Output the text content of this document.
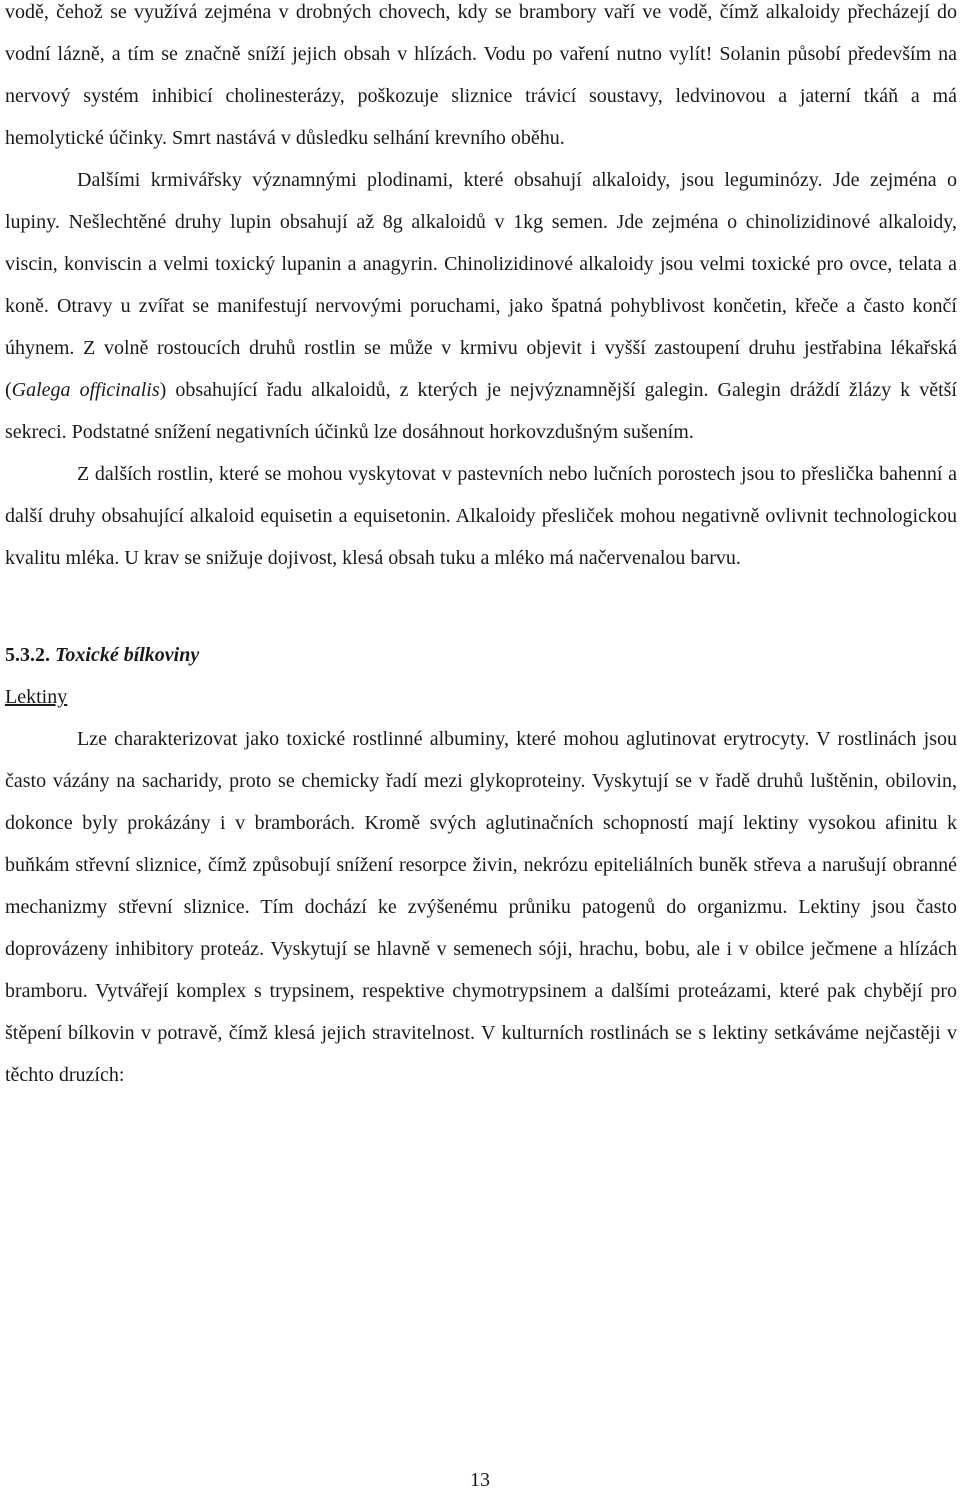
vodě, čehož se využívá zejména v drobných chovech, kdy se brambory vaří ve vodě, čímž alkaloidy přecházejí do vodní lázně, a tím se značně sníží jejich obsah v hlízách. Vodu po vaření nutno vylít! Solanin působí především na nervový systém inhibicí cholinesterázy, poškozuje sliznice trávicí soustavy, ledvinovou a jaterní tkáň a má hemolytické účinky. Smrt nastává v důsledku selhání krevního oběhu.

Dalšími krmivářsky významnými plodinami, které obsahují alkaloidy, jsou leguminózy. Jde zejména o lupiny. Nešlechtěné druhy lupin obsahují až 8g alkaloidů v 1kg semen. Jde zejména o chinolizidinové alkaloidy, viscin, konviscin a velmi toxický lupanin a anagyrin. Chinolizidinové alkaloidy jsou velmi toxické pro ovce, telata a koně. Otravy u zvířat se manifestují nervovými poruchami, jako špatná pohyblivost končetin, křeče a často končí úhynem. Z volně rostoucích druhů rostlin se může v krmivu objevit i vyšší zastoupení druhu jestřabina lékařská (Galega officinalis) obsahující řadu alkaloidů, z kterých je nejvýznamnější galegin. Galegin dráždí žlázy k větší sekreci. Podstatné snížení negativních účinků lze dosáhnout horkovzdušným sušením.

Z dalších rostlin, které se mohou vyskytovat v pastevních nebo lučních porostech jsou to přeslička bahenní a další druhy obsahující alkaloid equisetin a equisetonin. Alkaloidy přesliček mohou negativně ovlivnit technologickou kvalitu mléka. U krav se snižuje dojivost, klesá obsah tuku a mléko má načervenalou barvu.

5.3.2. Toxické bílkoviny
Lektiny

Lze charakterizovat jako toxické rostlinné albuminy, které mohou aglutinovat erytrocyty. V rostlinách jsou často vázány na sacharidy, proto se chemicky řadí mezi glykoproteiny. Vyskytují se v řadě druhů luštěnin, obilovin, dokonce byly prokázány i v bramborách. Kromě svých aglutinačních schopností mají lektiny vysokou afinitu k buňkám střevní sliznice, čímž způsobují snížení resorpce živin, nekrózu epiteliálních buněk střeva a narušují obranné mechanizmy střevní sliznice. Tím dochází ke zvýšenému průniku patogenů do organizmu. Lektiny jsou často doprovázeny inhibitory proteáz. Vyskytují se hlavně v semenech sóji, hrachu, bobu, ale i v obilce ječmene a hlízách bramboru. Vytvářejí komplex s trypsinem, respektive chymotrypsinem a dalšími proteázami, které pak chybějí pro štěpení bílkovin v potravě, čímž klesá jejich stravitelnost. V kulturních rostlinách se s lektiny setkáváme nejčastěji v těchto druzích:

13
